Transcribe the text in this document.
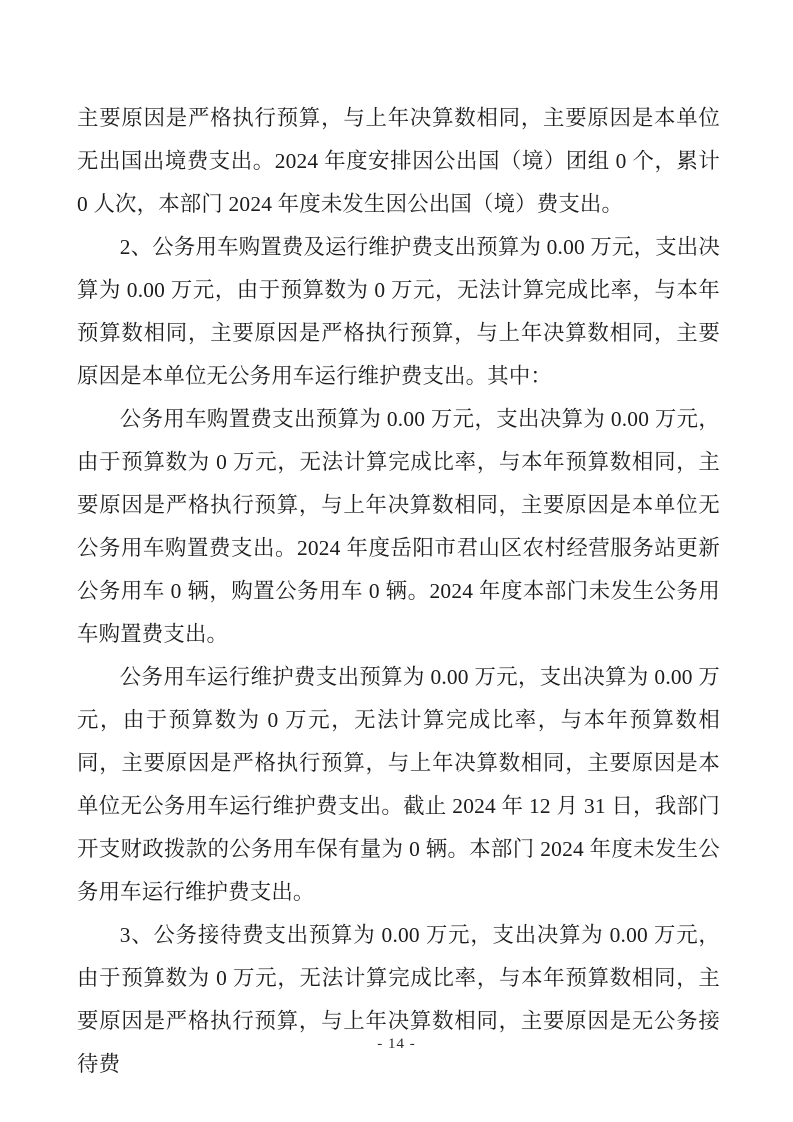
主要原因是严格执行预算，与上年决算数相同，主要原因是本单位无出国出境费支出。2024 年度安排因公出国（境）团组 0 个，累计 0 人次，本部门 2024 年度未发生因公出国（境）费支出。

2、公务用车购置费及运行维护费支出预算为 0.00 万元，支出决算为 0.00 万元，由于预算数为 0 万元，无法计算完成比率，与本年预算数相同，主要原因是严格执行预算，与上年决算数相同，主要原因是本单位无公务用车运行维护费支出。其中：

公务用车购置费支出预算为 0.00 万元，支出决算为 0.00 万元，由于预算数为 0 万元，无法计算完成比率，与本年预算数相同，主要原因是严格执行预算，与上年决算数相同，主要原因是本单位无公务用车购置费支出。2024 年度岳阳市君山区农村经营服务站更新公务用车 0 辆，购置公务用车 0 辆。2024 年度本部门未发生公务用车购置费支出。

公务用车运行维护费支出预算为 0.00 万元，支出决算为 0.00 万元，由于预算数为 0 万元，无法计算完成比率，与本年预算数相同，主要原因是严格执行预算，与上年决算数相同，主要原因是本单位无公务用车运行维护费支出。截止 2024 年 12 月 31 日，我部门开支财政拨款的公务用车保有量为 0 辆。本部门 2024 年度未发生公务用车运行维护费支出。

3、公务接待费支出预算为 0.00 万元，支出决算为 0.00 万元，由于预算数为 0 万元，无法计算完成比率，与本年预算数相同，主要原因是严格执行预算，与上年决算数相同，主要原因是无公务接待费

- 14 -
